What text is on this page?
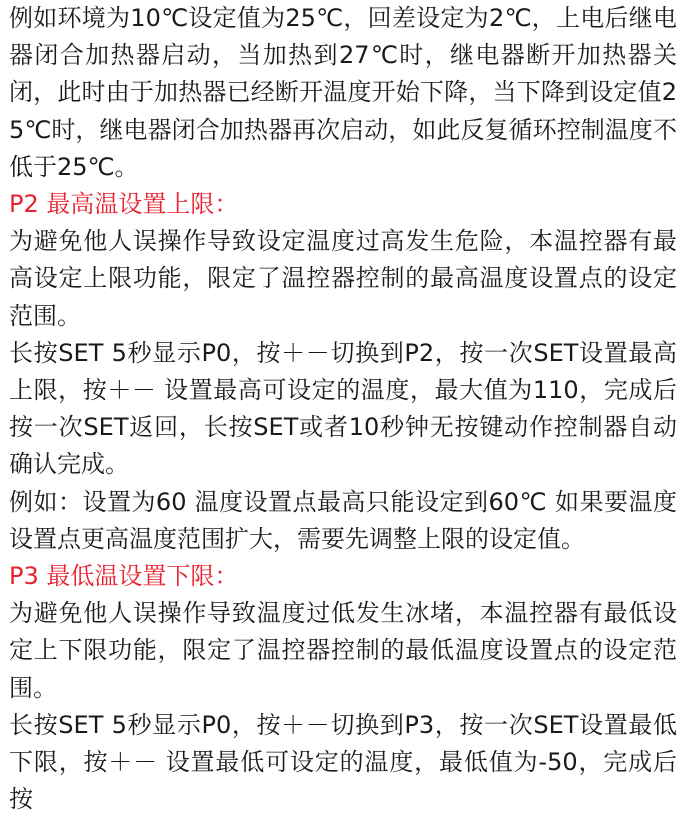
例如环境为10℃设定值为25℃，回差设定为2℃，上电后继电器闭合加热器启动，当加热到27℃时，继电器断开加热器关闭，此时由于加热器已经断开温度开始下降，当下降到设定值25℃时，继电器闭合加热器再次启动，如此反复循环控制温度不低于25℃。

P2 最高温设置上限：

为避免他人误操作导致设定温度过高发生危险，本温控器有最高设定上限功能，限定了温控器控制的最高温度设置点的设定范围。

长按SET 5秒显示P0，按＋－切换到P2，按一次SET设置最高上限，按＋－ 设置最高可设定的温度，最大值为110，完成后按一次SET返回，长按SET或者10秒钟无按键动作控制器自动确认完成。

例如：设置为60 温度设置点最高只能设定到60℃ 如果要温度设置点更高温度范围扩大，需要先调整上限的设定值。

P3 最低温设置下限：

为避免他人误操作导致温度过低发生冰堵，本温控器有最低设定上下限功能，限定了温控器控制的最低温度设置点的设定范围。

长按SET 5秒显示P0，按＋－切换到P3，按一次SET设置最低下限，按＋－ 设置最低可设定的温度，最低值为-50，完成后按
